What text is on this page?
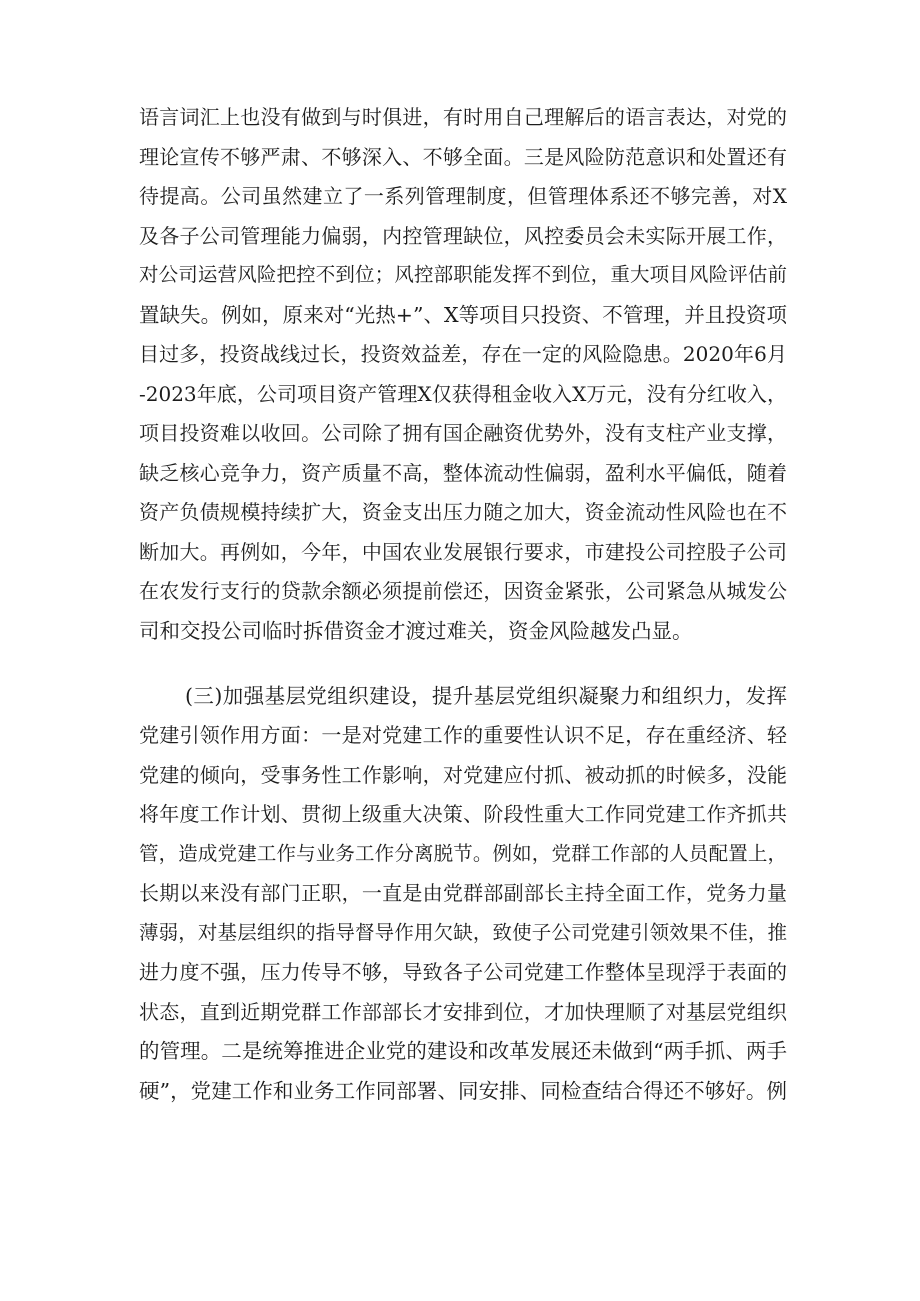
语言词汇上也没有做到与时俱进，有时用自己理解后的语言表达，对党的
理论宣传不够严肃、不够深入、不够全面。三是风险防范意识和处置还有
待提高。公司虽然建立了一系列管理制度，但管理体系还不够完善，对X
及各子公司管理能力偏弱，内控管理缺位，风控委员会未实际开展工作，
对公司运营风险把控不到位；风控部职能发挥不到位，重大项目风险评估前
置缺失。例如，原来对“光热+”、X等项目只投资、不管理，并且投资项
目过多，投资战线过长，投资效益差，存在一定的风险隐患。2020年6月
-2023年底，公司项目资产管理X仅获得租金收入X万元，没有分红收入，
项目投资难以收回。公司除了拥有国企融资优势外，没有支柱产业支撑，
缺乏核心竞争力，资产质量不高，整体流动性偏弱，盈利水平偏低，随着
资产负债规模持续扩大，资金支出压力随之加大，资金流动性风险也在不
断加大。再例如，今年，中国农业发展银行要求，市建投公司控股子公司
在农发行支行的贷款余额必须提前偿还，因资金紧张，公司紧急从城发公
司和交投公司临时拆借资金才渡过难关，资金风险越发凸显。
(三)加强基层党组织建设，提升基层党组织凝聚力和组织力，发挥
党建引领作用方面：一是对党建工作的重要性认识不足，存在重经济、轻
党建的倾向，受事务性工作影响，对党建应付抓、被动抓的时候多，没能
将年度工作计划、贯彻上级重大决策、阶段性重大工作同党建工作齐抓共
管，造成党建工作与业务工作分离脱节。例如，党群工作部的人员配置上，
长期以来没有部门正职，一直是由党群部副部长主持全面工作，党务力量
薄弱，对基层组织的指导督导作用欠缺，致使子公司党建引领效果不佳，推
进力度不强，压力传导不够，导致各子公司党建工作整体呈现浮于表面的
状态，直到近期党群工作部部长才安排到位，才加快理顺了对基层党组织
的管理。二是统筹推进企业党的建设和改革发展还未做到“两手抓、两手
硬”，党建工作和业务工作同部署、同安排、同检查结合得还不够好。例
